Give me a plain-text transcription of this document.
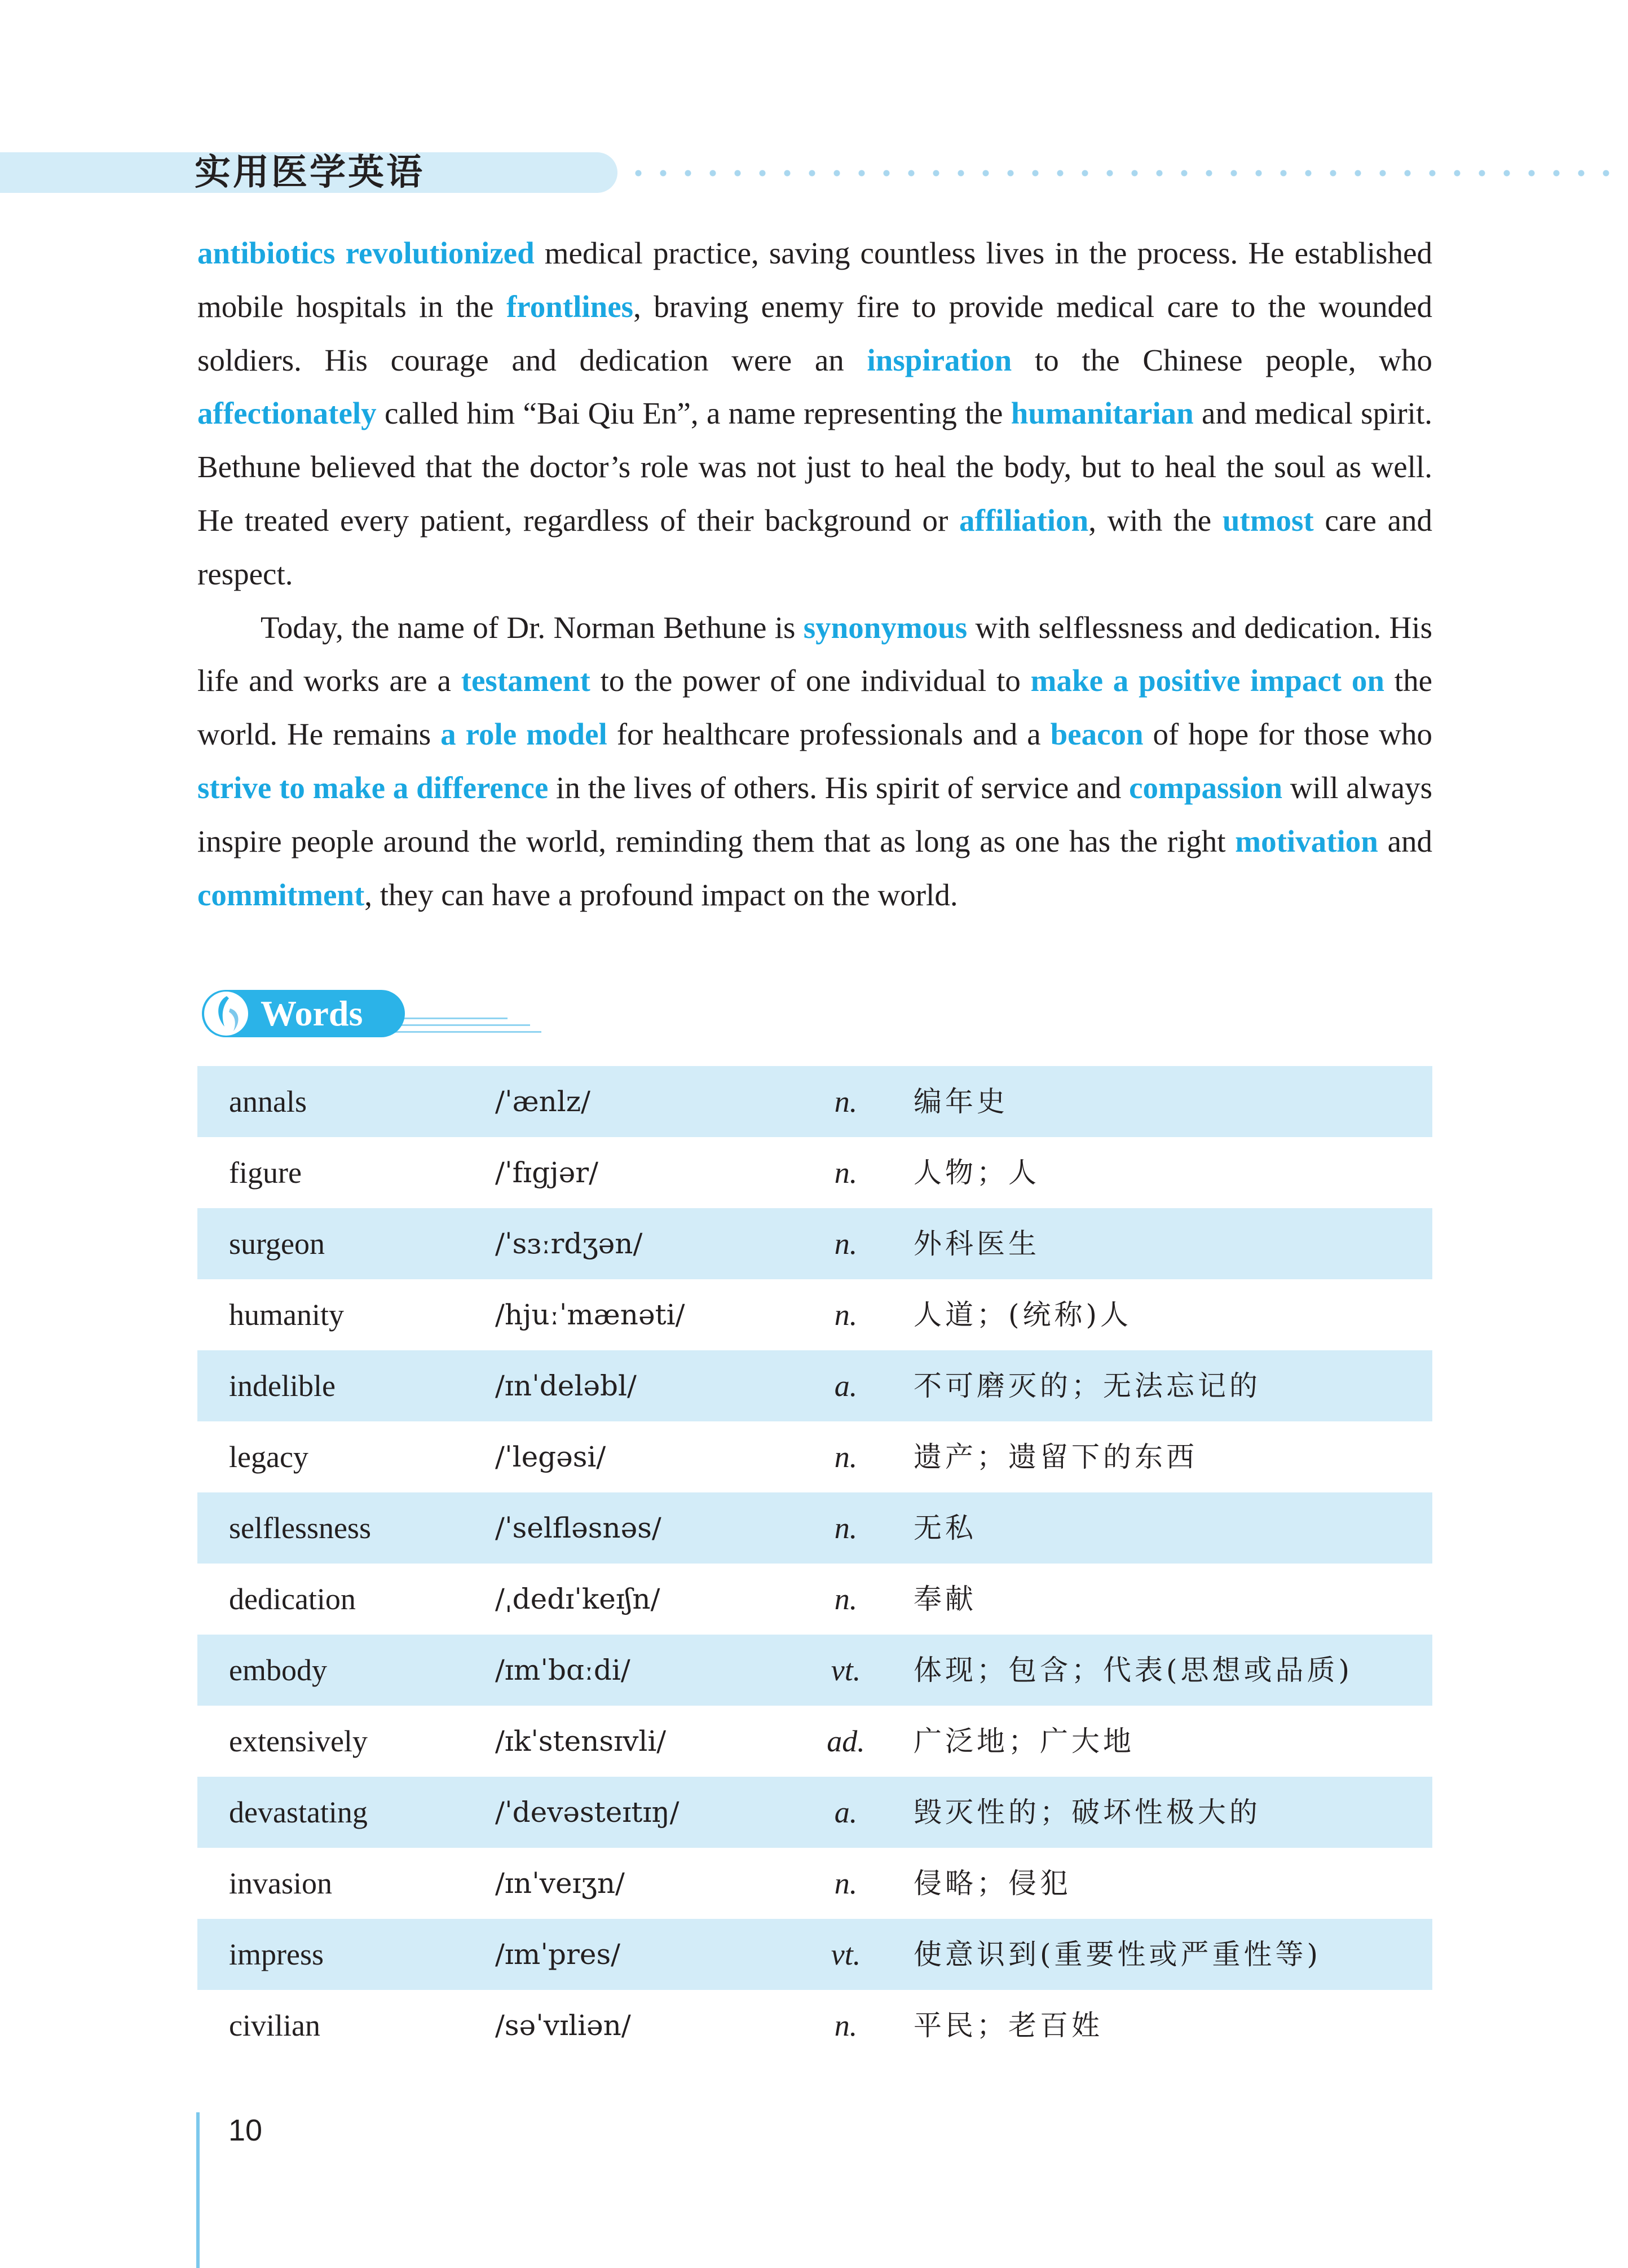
实用医学英语

antibiotics revolutionized medical practice, saving countless lives in the process. He established mobile hospitals in the frontlines, braving enemy fire to provide medical care to the wounded soldiers. His courage and dedication were an inspiration to the Chinese people, who affectionately called him “Bai Qiu En”, a name representing the humanitarian and medical spirit. Bethune believed that the doctor’s role was not just to heal the body, but to heal the soul as well. He treated every patient, regardless of their background or affiliation, with the utmost care and respect.

Today, the name of Dr. Norman Bethune is synonymous with selflessness and dedication. His life and works are a testament to the power of one individual to make a positive impact on the world. He remains a role model for healthcare professionals and a beacon of hope for those who strive to make a difference in the lives of others. His spirit of service and compassion will always inspire people around the world, reminding them that as long as one has the right motivation and commitment, they can have a profound impact on the world.

Words
annals	/ˈænlz/	n.	编年史
figure	/ˈfɪgjər/	n.	人物；人
surgeon	/ˈsɜːrdʒən/	n.	外科医生
humanity	/hjuːˈmænəti/	n.	人道；(统称)人
indelible	/ɪnˈdeləbl/	a.	不可磨灭的；无法忘记的
legacy	/ˈlegəsi/	n.	遗产；遗留下的东西
selflessness	/ˈselfləsnəs/	n.	无私
dedication	/ˌdedɪˈkeɪʃn/	n.	奉献
embody	/ɪmˈbɑːdi/	vt.	体现；包含；代表(思想或品质)
extensively	/ɪkˈstensɪvli/	ad.	广泛地；广大地
devastating	/ˈdevəsteɪtɪŋ/	a.	毁灭性的；破坏性极大的
invasion	/ɪnˈveɪʒn/	n.	侵略；侵犯
impress	/ɪmˈpres/	vt.	使意识到(重要性或严重性等)
civilian	/səˈvɪliən/	n.	平民；老百姓
10
